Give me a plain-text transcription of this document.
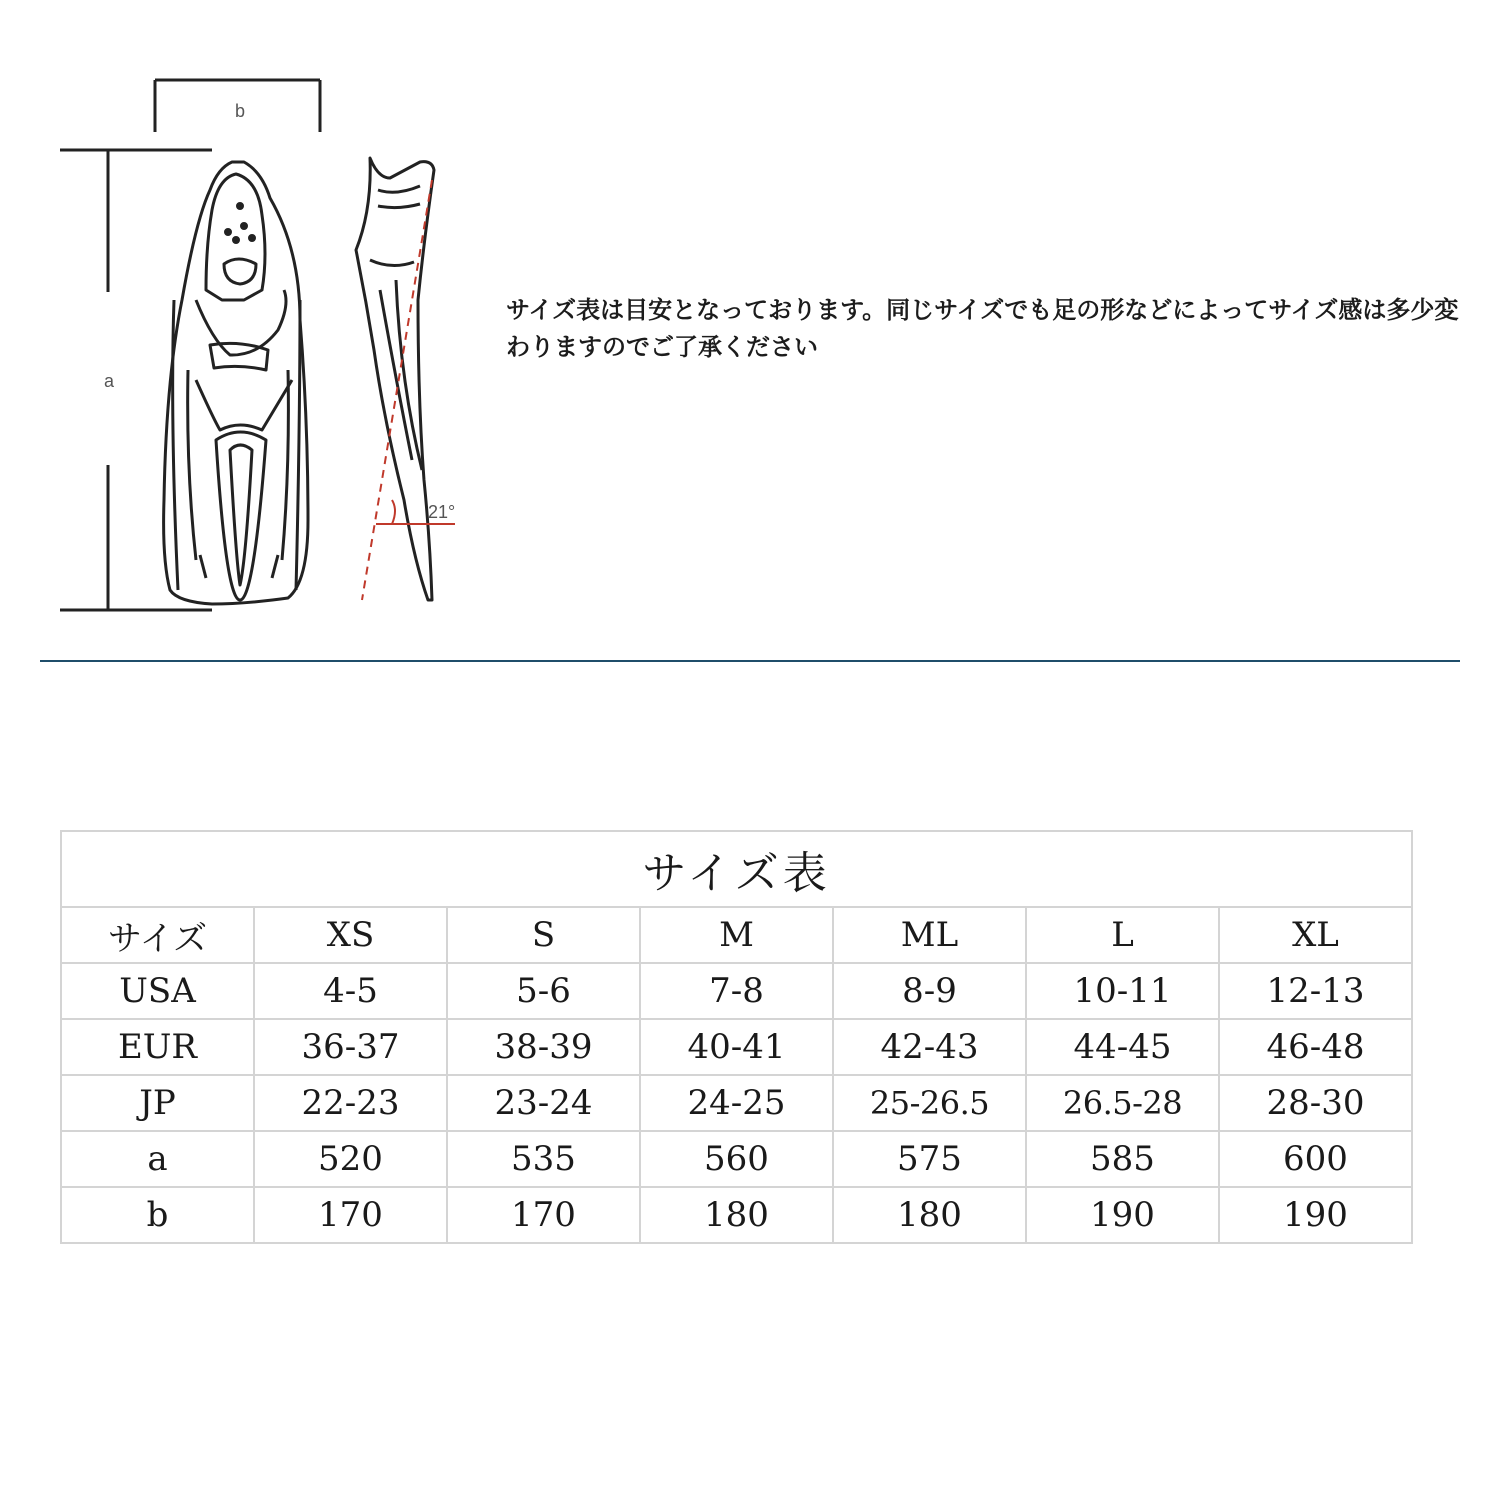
b
a
21°
サイズ表は目安となっております。同じサイズでも足の形などによってサイズ感は多少変わりますのでご了承ください
サイズ表						
サイズ	XS	S	M	ML	L	XL
USA	4-5	5-6	7-8	8-9	10-11	12-13
EUR	36-37	38-39	40-41	42-43	44-45	46-48
JP	22-23	23-24	24-25	25-26.5	26.5-28	28-30
a	520	535	560	575	585	600
b	170	170	180	180	190	190
